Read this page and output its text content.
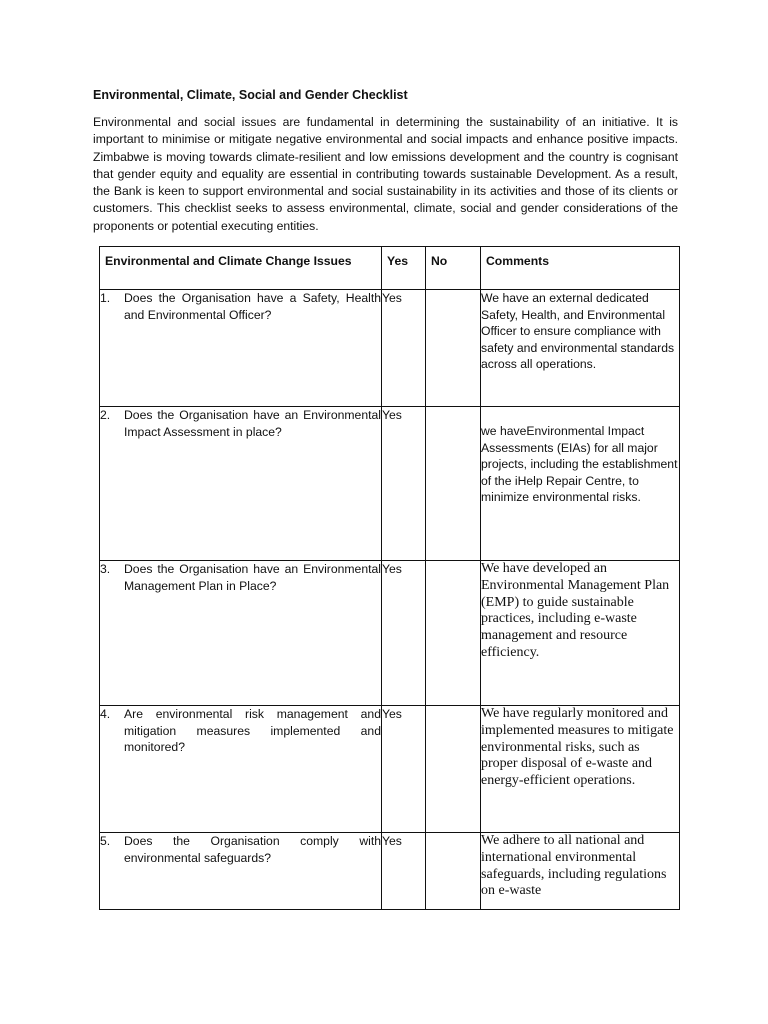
Environmental, Climate, Social and Gender Checklist

Environmental and social issues are fundamental in determining the sustainability of an initiative. It is important to minimise or mitigate negative environmental and social impacts and enhance positive impacts. Zimbabwe is moving towards climate-resilient and low emissions development and the country is cognisant that gender equity and equality are essential in contributing towards sustainable Development. As a result, the Bank is keen to support environmental and social sustainability in its activities and those of its clients or customers. This checklist seeks to assess environmental, climate, social and gender considerations of the proponents or potential executing entities.

Environmental and Climate Change Issues	Yes	No	Comments

1. Does the Organisation have a Safety, Health and Environmental Officer?	Yes		We have an external dedicated Safety, Health, and Environmental Officer to ensure compliance with safety and environmental standards across all operations.

2. Does the Organisation have an Environmental Impact Assessment in place?	Yes		we haveEnvironmental Impact Assessments (EIAs) for all major projects, including the establishment of the iHelp Repair Centre, to minimize environmental risks.

3. Does the Organisation have an Environmental Management Plan in Place?	Yes		We have developed an Environmental Management Plan (EMP) to guide sustainable practices, including e-waste management and resource efficiency.

4. Are environmental risk management and mitigation measures implemented and monitored?	Yes		We have regularly monitored and implemented measures to mitigate environmental risks, such as proper disposal of e-waste and energy-efficient operations.

5. Does the Organisation comply with environmental safeguards?	Yes		We adhere to all national and international environmental safeguards, including regulations on e-waste
